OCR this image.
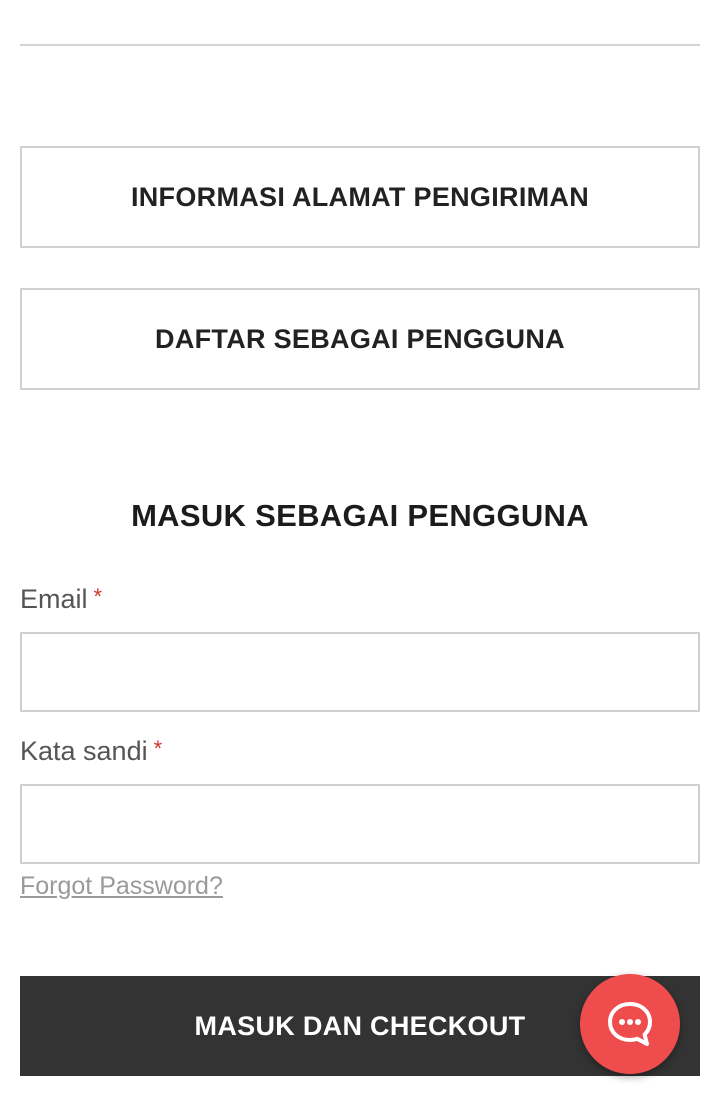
INFORMASI ALAMAT PENGIRIMAN
DAFTAR SEBAGAI PENGGUNA
MASUK SEBAGAI PENGGUNA
Email *
Kata sandi *
Forgot Password?
MASUK DAN CHECKOUT
